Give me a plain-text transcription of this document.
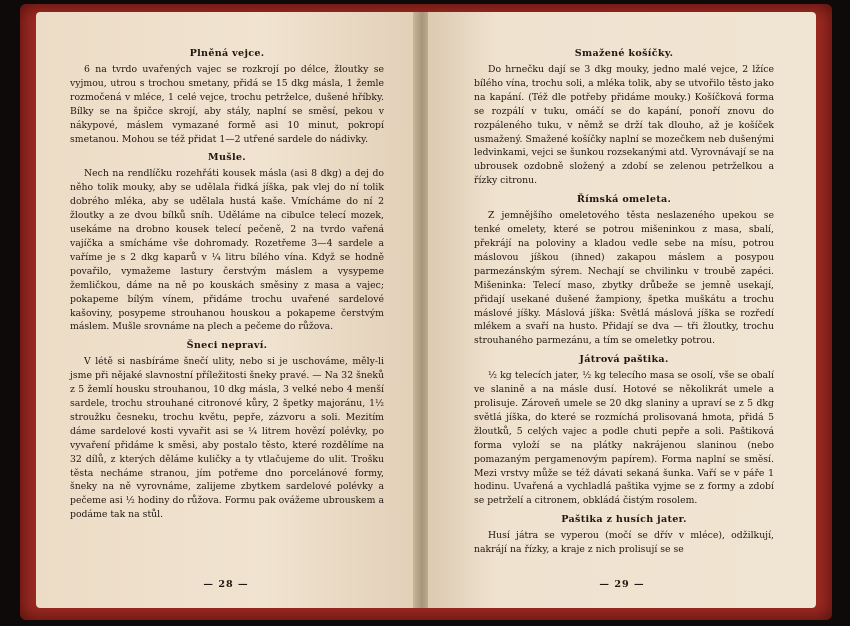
Plněná vejce.

6 na tvrdo uvařených vajec se rozkrojí po délce, žloutky se vyjmou, utrou s trochou smetany, přidá se 15 dkg másla, 1 žemle rozmočená v mléce, 1 celé vejce, trochu petrželce, dušené hříbky. Bílky se na špičce skrojí, aby stály, naplní se směsí, pekou v nákypové, máslem vymazané formě asi 10 minut, pokropí smetanou. Mohou se též přidat 1—2 utřené sardele do nádivky.

Mušle.

Nech na rendlíčku rozehřáti kousek másla (asi 8 dkg) a dej do něho tolik mouky, aby se udělala řidká jíška, pak vlej do ní tolik dobrého mléka, aby se udělala hustá kaše. Vmícháme do ní 2 žloutky a ze dvou bílků sníh. Uděláme na cibulce telecí mozek, usekáme na drobno kousek telecí pečeně, 2 na tvrdo vařená vajíčka a smícháme vše dohromady. Rozetřeme 3—4 sardele a vaříme je s 2 dkg kaparů v ¼ litru bílého vína. Když se hodně povařilo, vymažeme lastury čerstvým máslem a vysypeme žemličkou, dáme na ně po kouskách směsiny z masa a vajec; pokapeme bílým vínem, přidáme trochu uvařené sardelové kašoviny, posypeme strouhanou houskou a pokapeme čerstvým máslem. Mušle srovnáme na plech a pečeme do růžova.

Šneci nepraví.

V létě si nasbíráme šnečí ulity, nebo si je uschováme, měly-li jsme při nějaké slavnostní příležitosti šneky pravé. — Na 32 šneků z 5 žemlí housku strouhanou, 10 dkg másla, 3 velké nebo 4 menší sardele, trochu strouhané citronové kůry, 2 špetky majoránu, 1½ stroužku česneku, trochu květu, pepře, zázvoru a soli. Mezitím dáme sardelové kosti vyvařit asi se ¼ litrem hovězí polévky, po vyvaření přidáme k směsi, aby postalo těsto, které rozdělíme na 32 dílů, z kterých děláme kuličky a ty vtlačujeme do ulit. Trošku těsta necháme stranou, jím potřeme dno porcelánové formy, šneky na ně vyrovnáme, zalijeme zbytkem sardelové polévky a pečeme asi ½ hodiny do růžova. Formu pak ovážeme ubrouskem a podáme tak na stůl.

— 28 —
Smažené košíčky.

Do hrnečku dají se 3 dkg mouky, jedno malé vejce, 2 lžíce bílého vína, trochu soli, a mléka tolik, aby se utvořilo těsto jako na kapání. (Též dle potřeby přidáme mouky.) Košíčková forma se rozpálí v tuku, omáčí se do kapání, ponoří znovu do rozpáleného tuku, v němž se drží tak dlouho, až je košíček usmažený. Smažené košíčky naplní se mozečkem neb dušenými ledvinkami, vejci se šunkou rozsekanými atd. Vyrovnávají se na ubrousek ozdobně složený a zdobí se zelenou petrželkou a řízky citronu.

Římská omeleta.

Z jemnějšího omeletového těsta neslazeného upekou se tenké omelety, které se potrou mišeninkou z masa, sbalí, překrájí na poloviny a kladou vedle sebe na mísu, potrou máslovou jíškou (ihned) zakapou máslem a posypou parmezánským sýrem. Nechají se chvilinku v troubě zapéci. Mišeninka: Telecí maso, zbytky drůbeže se jemně usekají, přidají usekané dušené žampiony, špetka muškátu a trochu máslové jíšky. Máslová jíška: Světlá máslová jíška se rozředí mlékem a svaří na husto. Přidají se dva — tři žloutky, trochu strouhaného parmezánu, a tím se omeletky potrou.

Játrová paštika.

½ kg telecích jater, ½ kg telecího masa se osolí, vše se obalí ve slanině a na másle dusí. Hotové se několikrát umele a prolisuje. Zároveň umele se 20 dkg slaniny a upraví se z 5 dkg světlá jíška, do které se rozmíchá prolisovaná hmota, přidá 5 žloutků, 5 celých vajec a podle chuti pepře a soli. Paštiková forma vyloží se na plátky nakrájenou slaninou (nebo pomazaným pergamenovým papírem). Forma naplní se směsí. Mezi vrstvy může se též dávati sekaná šunka. Vaří se v páře 1 hodinu. Uvařená a vychladlá paštika vyjme se z formy a zdobí se petrželí a citronem, obkládá čistým rosolem.

Paštika z husích jater.

Husí játra se vyperou (močí se dřív v mléce), odžilkují, nakrájí na řízky, a kraje z nich prolisují se se

— 29 —
